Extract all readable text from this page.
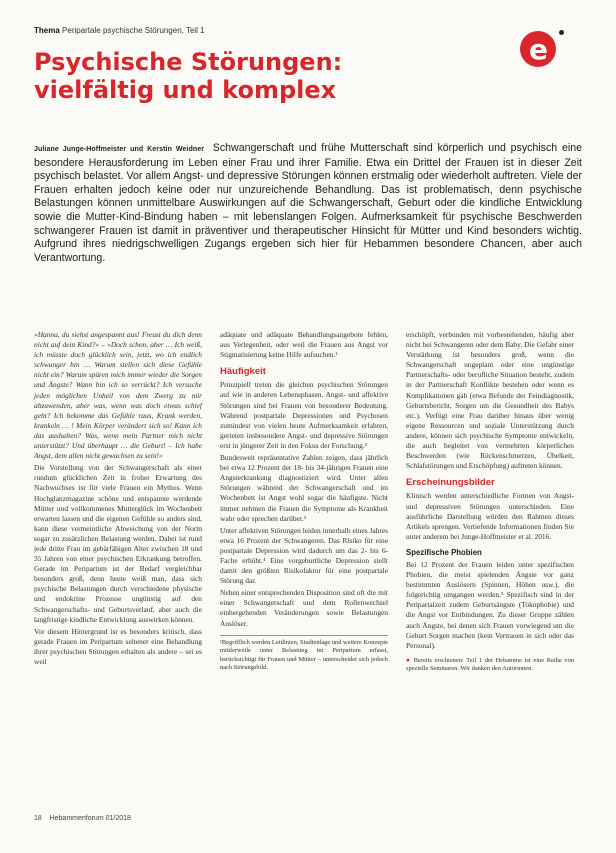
Thema Peripartale psychische Störungen, Teil 1
e
Psychische Störungen:
vielfältig und komplex
Juliane Junge-Hoffmeister und Kerstin Weidner Schwangerschaft und frühe Mutterschaft sind körperlich und psychisch eine besondere Herausforderung im Leben einer Frau und ihrer Familie. Etwa ein Drittel der Frauen ist in dieser Zeit psychisch belastet. Vor allem Angst- und depressive Störungen können erstmalig oder wiederholt auftreten. Viele der Frauen erhalten jedoch keine oder nur unzureichende Behandlung. Das ist problematisch, denn psychische Belastungen können unmittelbare Auswirkungen auf die Schwangerschaft, Geburt oder die kindliche Entwicklung sowie die Mutter-Kind-Bindung haben – mit lebenslangen Folgen. Aufmerksamkeit für psychische Beschwerden schwangerer Frauen ist damit in präventiver und therapeutischer Hinsicht für Mütter und Kind besonders wichtig. Aufgrund ihres niedrigschwelligen Zugangs ergeben sich hier für Hebammen besondere Chancen, aber auch Verantwortung.

»Hanna, du siehst angespannt aus! Freust du dich denn nicht auf dein Kind?« – »Doch schon, aber … Ich weiß, ich müsste doch glücklich sein, jetzt, wo ich endlich schwanger bin … Warum stellen sich diese Gefühle nicht ein? Warum spüren mich immer wieder die Sorgen und Ängste? Wann bin ich so verrückt? Ich versuche jeden möglichen Unheil von dem Zwerg zu mir abzuwenden, aber was, wenn was doch etwas schief geht? Ich bekomme das Gefühle raus, Krank werden, krankeln … ! Mein Körper verändert sich so! Kann ich das aushalten? Was, wenn mein Partner mich nicht unterstützt? Und überhaupt … die Geburt! – Ich habe Angst, dem allen nicht gewachsen zu sein!«

Die Vorstellung von der Schwangerschaft als einer rundum glücklichen Zeit in froher Erwartung des Nachwuchses ist für viele Frauen ein Mythos. Wenn Hochglanzmagazine schöne und entspannte werdende Mütter und vollkommenes Mutterglück im Wochenbett erwarten lassen und die eigenen Gefühle so anders sind, kann diese vermeintliche Abweichung von der Norm sogar zu zusätzlichen Belastung werden. Dabei ist rund jede dritte Frau im gebärfähigen Alter zwischen 18 und 35 Jahren von einer psychischen Erkrankung betroffen. Gerade im Peripartum ist der Bedarf vergleichbar besonders groß, denn heute weiß man, dass sich psychische Belastungen durch verschiedene physische und endokrine Prozesse ungünstig auf den Schwangerschafts- und Geburtsverlauf, aber auch die langfristige kindliche Entwicklung auswirken können.

Vor diesem Hintergrund ist es besonders kritisch, dass gerade Frauen im Peripartum seltener eine Behandlung ihrer psychischen Störungen erhalten als andere – sei es weil

adäquate und adäquate Behandlungsangebote fehlen, aus Verlegenheit, oder weil die Frauen aus Angst vor Stigmatisierung keine Hilfe aufsuchen.¹

Häufigkeit

Prinzipiell treten die gleichen psychischen Störungen auf wie in anderen Lebensphasen. Angst- und affektive Störungen sind bei Frauen von besonderer Bedeutung. Während postpartale Depressionen und Psychosen zumindest von vielen heute Aufmerksamkeit erfahren, gerieten insbesondere Angst- und depressive Störungen erst in jüngerer Zeit in den Fokus der Forschung.²

Bundesweit repräsentative Zahlen zeigen, dass jährlich bei etwa 12 Prozent der 18- bis 34-jährigen Frauen eine Angsterkrankung diagnostiziert wird. Unter allen Störungen während der Schwangerschaft und im Wochenbett ist Angst wohl sogar die häufigste. Nicht immer nehmen die Frauen die Symptome als Krankheit wahr oder sprechen darüber.³

Unter affektiven Störungen leiden innerhalb eines Jahres etwa 16 Prozent der Schwangeren. Das Risiko für eine postpartale Depression wird dadurch um das 2- bis 6-Fache erhöht.⁴ Eine vorgeburtliche Depression stellt damit den größten Risikofaktor für eine postpartale Störung dar.

Neben einer entsprechenden Disposition sind oft die mit einer Schwangerschaft und dem Rollenwechsel einhergehenden Veränderungen sowie Belastungen Auslöser.

¹Begrifflich werden Leitlinien, Studienlage und weitere Konzepte mittlerweile unter Belastung im Peripartum erfasst, berücksichtigt für Frauen und Mütter – unterscheidet sich jedoch nach Störungsbild.

erschöpft, verbunden mit vorbestehenden, häufig aber nicht bei Schwangeren oder dem Baby. Die Gefahr einer Verstärkung ist besonders groß, wenn die Schwangerschaft ungeplant oder eine ungünstige Partnerschafts- oder berufliche Situation besteht, zudem in der Partnerschaft Konflikte bestehen oder wenn es Komplikationen gab (etwa Befunde der Feindiagnostik, Geburtsbericht, Sorgen um die Gesundheit des Babys etc.). Verfügt eine Frau darüber hinaus über wenig eigene Ressourcen und soziale Unterstützung durch andere, können sich psychische Symptome entwickeln, die auch begleitet von vermehrten körperlichen Beschwerden (wie Rückenschmerzen, Übelkeit, Schlafstörungen und Erschöpfung) auftreten können.

Erscheinungsbilder

Klinisch werden unterschiedliche Formen von Angst- und depressiven Störungen unterschieden. Eine ausführliche Darstellung würden den Rahmen dieses Artikels sprengen. Vertiefende Informationen finden Sie unter anderem bei Junge-Hoffmeister et al. 2016.

Spezifische Phobien

Bei 12 Prozent der Frauen leiden unter spezifischen Phobien, die meist spielenden Ängste vor ganz bestimmten Auslösern (Spinnen, Höhen usw.), die folgerichtig umgangen werden.⁵ Spezifisch sind in der Peripartalzeit zudem Geburtsängste (Tokophobie) und die Angst vor Entbindungen. Zu dieser Gruppe zählen auch Ängste, bei denen sich Frauen vorwiegend um die Geburt Sorgen machen (kein Vertrauen in sich oder das Personal).

● Bereits erschienen: Teil 1 der Hebamme ist eine Reihe von spezielle Seminaren. Wir danken den Autorinnen.
18 Hebammenforum 01/2018
